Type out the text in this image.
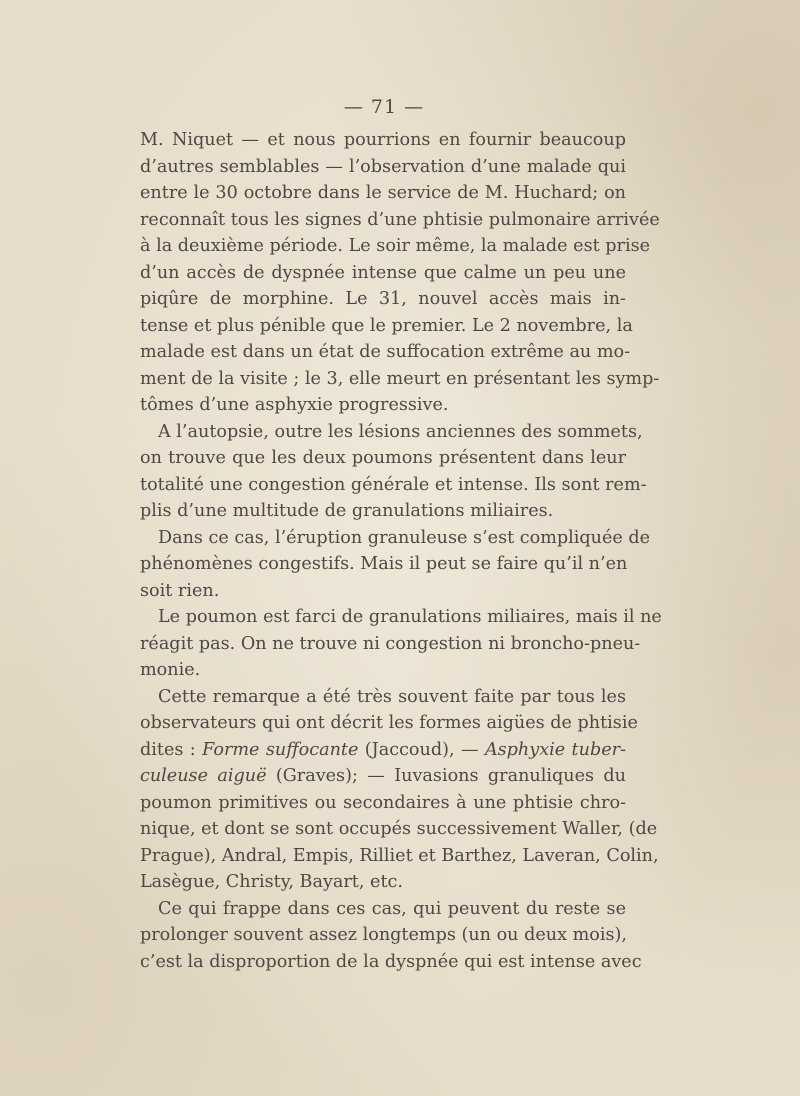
— 71 —

M. Niquet — et nous pourrions en fournir beaucoup
d’autres semblables — l’observation d’une malade qui
entre le 30 octobre dans le service de M. Huchard; on
reconnaît tous les signes d’une phtisie pulmonaire arrivée
à la deuxième période. Le soir même, la malade est prise
d’un accès de dyspnée intense que calme un peu une
piqûre de morphine. Le 31, nouvel accès mais in-
tense et plus pénible que le premier. Le 2 novembre, la
malade est dans un état de suffocation extrême au mo-
ment de la visite ; le 3, elle meurt en présentant les symp-
tômes d’une asphyxie progressive.

A l’autopsie, outre les lésions anciennes des sommets,
on trouve que les deux poumons présentent dans leur
totalité une congestion générale et intense. Ils sont rem-
plis d’une multitude de granulations miliaires.

Dans ce cas, l’éruption granuleuse s’est compliquée de
phénomènes congestifs. Mais il peut se faire qu’il n’en
soit rien.

Le poumon est farci de granulations miliaires, mais il ne
réagit pas. On ne trouve ni congestion ni broncho-pneu-
monie.

Cette remarque a été très souvent faite par tous les
observateurs qui ont décrit les formes aigües de phtisie
dites : Forme suffocante (Jaccoud), — Asphyxie tuber-
culeuse aiguë (Graves); — Iuvasions granuliques du
poumon primitives ou secondaires à une phtisie chro-
nique, et dont se sont occupés successivement Waller, (de
Prague), Andral, Empis, Rilliet et Barthez, Laveran, Colin,
Lasègue, Christy, Bayart, etc.

Ce qui frappe dans ces cas, qui peuvent du reste se
prolonger souvent assez longtemps (un ou deux mois),
c’est la disproportion de la dyspnée qui est intense avec
